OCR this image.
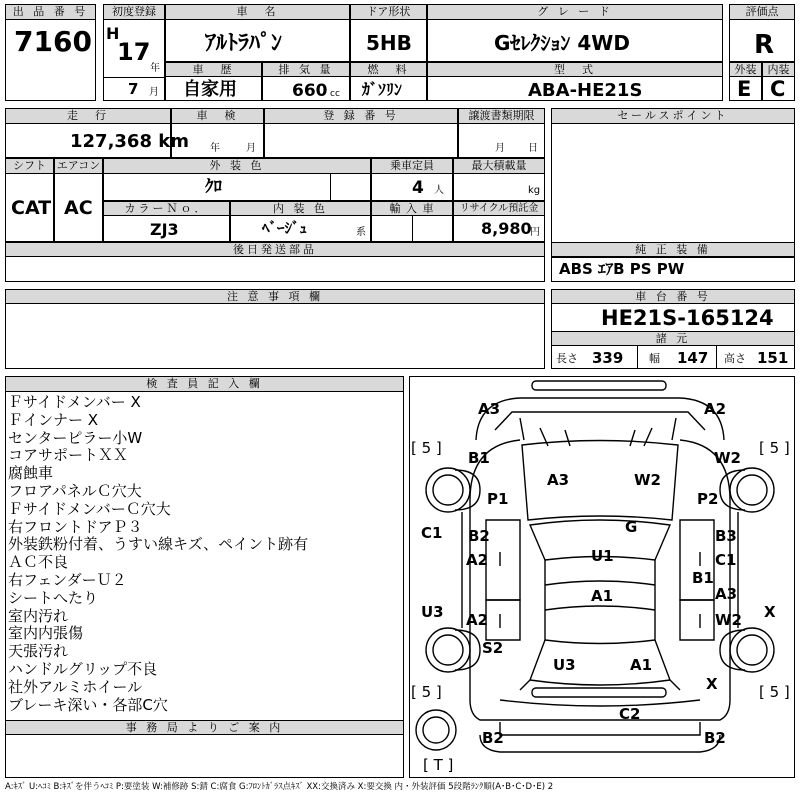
出 品 番 号
7160
初度登録
H
17
年
7 月
車　名
ｱﾙﾄﾗﾊﾟﾝ
ドア形状
5HB
グ レ ー ド
Gｾﾚｸｼｮﾝ 4WD
評価点
R
車　歴
自家用
排 気 量
660 cc
燃　料
ｶﾞｿﾘﾝ
型　式
ABA-HE21S
外装
E
内装
C
走　行
127,368 km
車　検
年	月
登 録 番 号	譲渡書類期限
月 日
セールスポイント
シフト
CAT
エアコン
AC
外 装 色
ｸﾛ
乗車定員
4 人
最大積載量
kg
カラーＮｏ．
ZJ3
内 装 色
ﾍﾞｰｼﾞｭ	系
輸 入 車	リサイクル預託金
8,980
円
後日発送部品	純 正 装 備
ABS ｴｱB PS PW
注 意 事 項 欄	車 台 番 号
HE21S-165124
諸 元
長さ 339 幅 147 高さ 151
検 査 員 記 入 欄
Ｆサイドメンバー X
Ｆインナー X
センターピラー小W
コアサポートＸＸ
腐蝕車
フロアパネルＣ穴大
ＦサイドメンバーＣ穴大
右フロントドアＰ３
外装鉄粉付着、うすい線キズ、ペイント跡有
ＡＣ不良
右フェンダーＵ２
シートへたり
室内汚れ
室内内張傷
天張汚れ
ハンドルグリップ不良
社外アルミホイール
ブレーキ深い・各部C穴
事 務 局 よ り ご 案 内
[ 5 ]	[ 5 ]
[ 5 ]	[ 5 ]
[ T ]
A3	A2
B1	W2
P1
A3	W2
P2
C1 B2
A2
G	B3
C1
U1
B1
A3
A1
U3 A2	W2 X
S2
U3	A1
X
C2
B2	B2
A:ｷｽﾞ U:ﾍｺﾐ B:ｷｽﾞを伴うﾍｺﾐ P:要塗装 W:補修跡 S:錆 C:腐食 G:ﾌﾛﾝﾄｶﾞﾗｽ点ｷｽﾞ XX:交換済み X:要交換 内・外装評価 5段階ﾗﾝｸ順(A･B･C･D･E) 2
